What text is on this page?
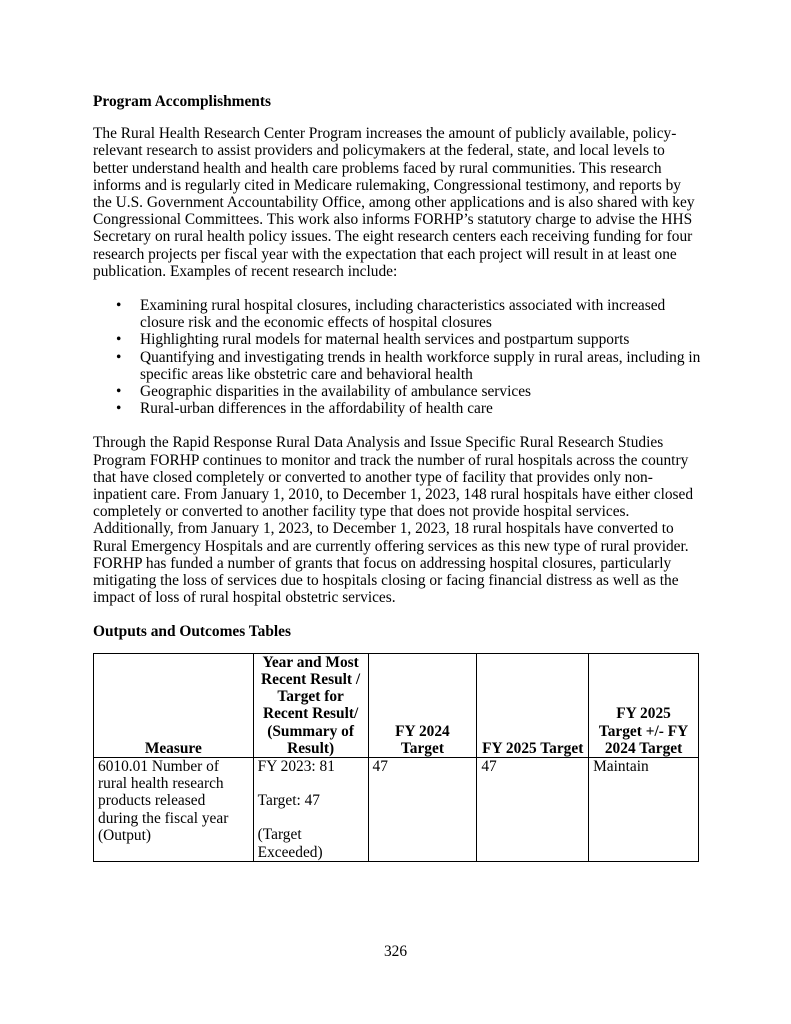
Program Accomplishments

The Rural Health Research Center Program increases the amount of publicly available, policy-relevant research to assist providers and policymakers at the federal, state, and local levels to better understand health and health care problems faced by rural communities. This research informs and is regularly cited in Medicare rulemaking, Congressional testimony, and reports by the U.S. Government Accountability Office, among other applications and is also shared with key Congressional Committees. This work also informs FORHP’s statutory charge to advise the HHS Secretary on rural health policy issues. The eight research centers each receiving funding for four research projects per fiscal year with the expectation that each project will result in at least one publication. Examples of recent research include:

• Examining rural hospital closures, including characteristics associated with increased closure risk and the economic effects of hospital closures
• Highlighting rural models for maternal health services and postpartum supports
• Quantifying and investigating trends in health workforce supply in rural areas, including in specific areas like obstetric care and behavioral health
• Geographic disparities in the availability of ambulance services
• Rural-urban differences in the affordability of health care

Through the Rapid Response Rural Data Analysis and Issue Specific Rural Research Studies Program FORHP continues to monitor and track the number of rural hospitals across the country that have closed completely or converted to another type of facility that provides only non-inpatient care. From January 1, 2010, to December 1, 2023, 148 rural hospitals have either closed completely or converted to another facility type that does not provide hospital services. Additionally, from January 1, 2023, to December 1, 2023, 18 rural hospitals have converted to Rural Emergency Hospitals and are currently offering services as this new type of rural provider. FORHP has funded a number of grants that focus on addressing hospital closures, particularly mitigating the loss of services due to hospitals closing or facing financial distress as well as the impact of loss of rural hospital obstetric services.

Outputs and Outcomes Tables
Measure	Year and Most Recent Result / Target for Recent Result/ (Summary of Result)	FY 2024 Target	FY 2025 Target	FY 2025 Target +/- FY 2024 Target
6010.01 Number of rural health research products released during the fiscal year (Output)	FY 2023: 81
Target: 47
(Target Exceeded)	47	47	Maintain
326
